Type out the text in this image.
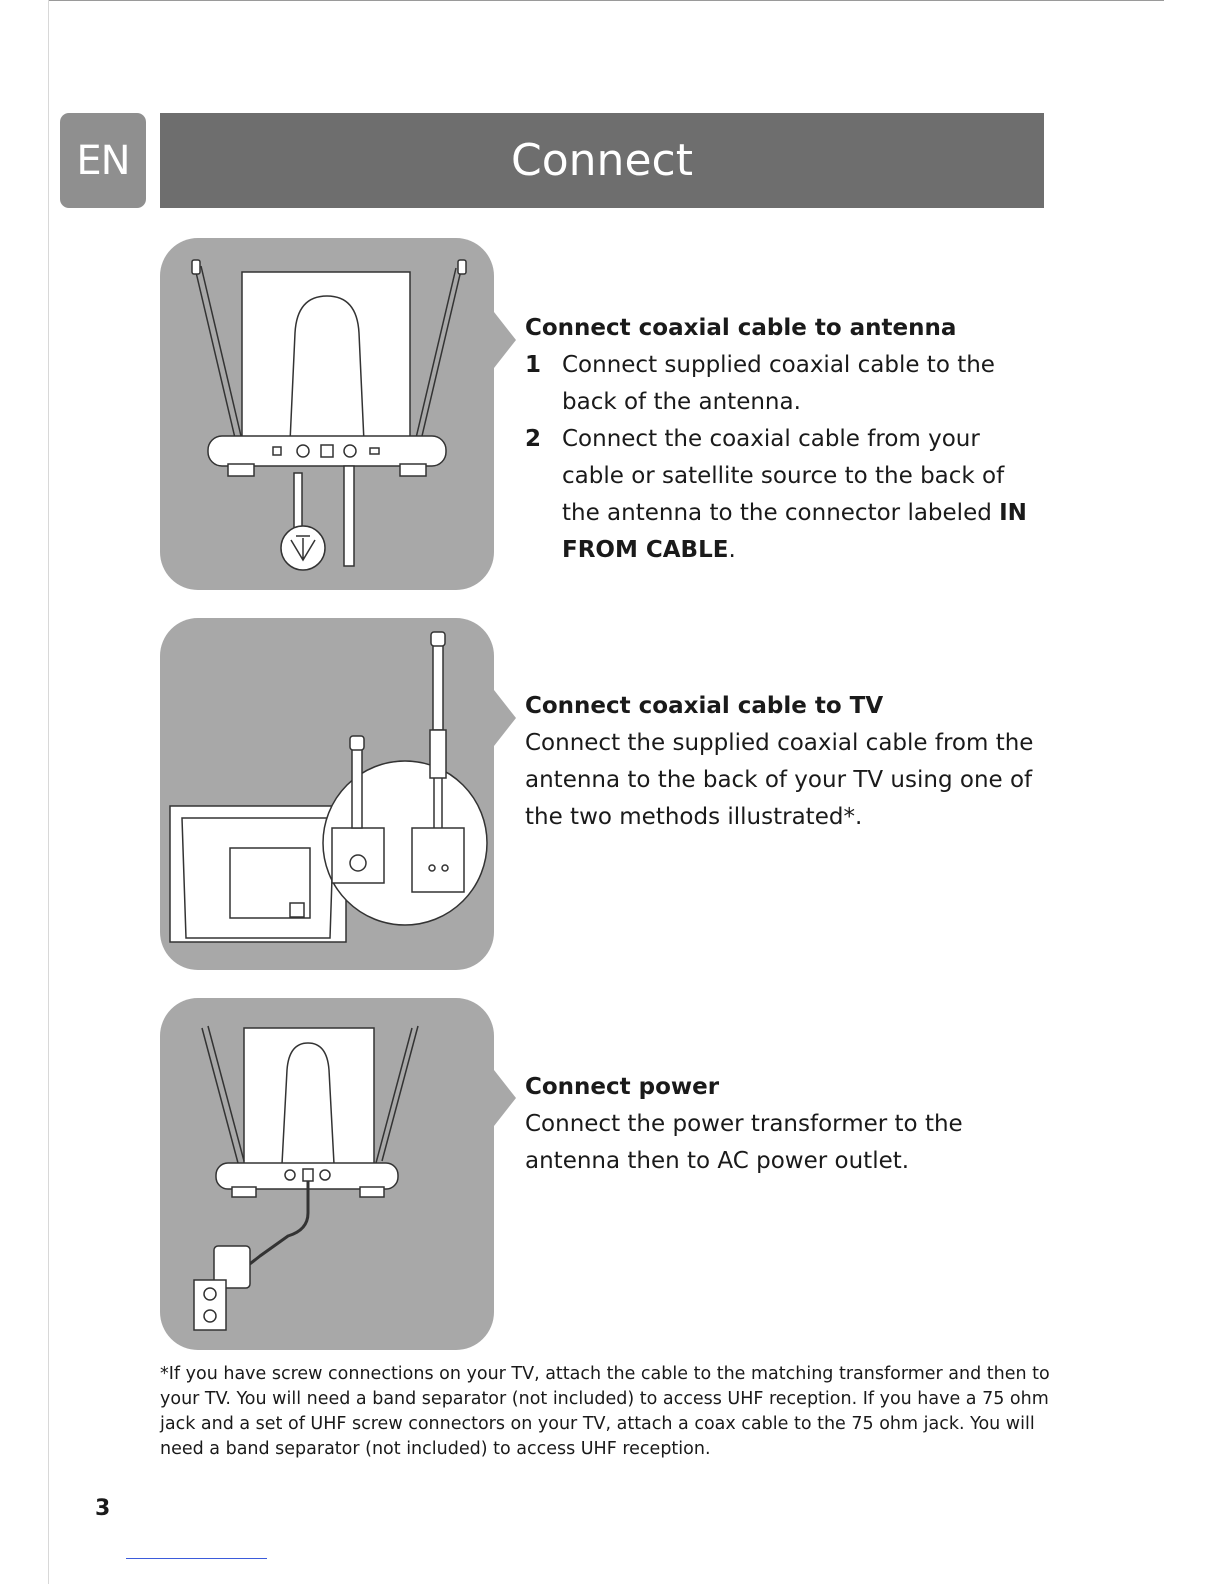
EN	Connect

Connect coaxial cable to antenna

1 Connect supplied coaxial cable to the back of the antenna.
2 Connect the coaxial cable from your cable or satellite source to the back of the antenna to the connector labeled IN FROM CABLE.

Connect coaxial cable to TV

Connect the supplied coaxial cable from the antenna to the back of your TV using one of the two methods illustrated*.

Connect power

Connect the power transformer to the antenna then to AC power outlet.

*If you have screw connections on your TV, attach the cable to the matching transformer and then to your TV. You will need a band separator (not included) to access UHF reception. If you have a 75 ohm jack and a set of UHF screw connectors on your TV, attach a coax cable to the 75 ohm jack. You will need a band separator (not included) to access UHF reception.

3
